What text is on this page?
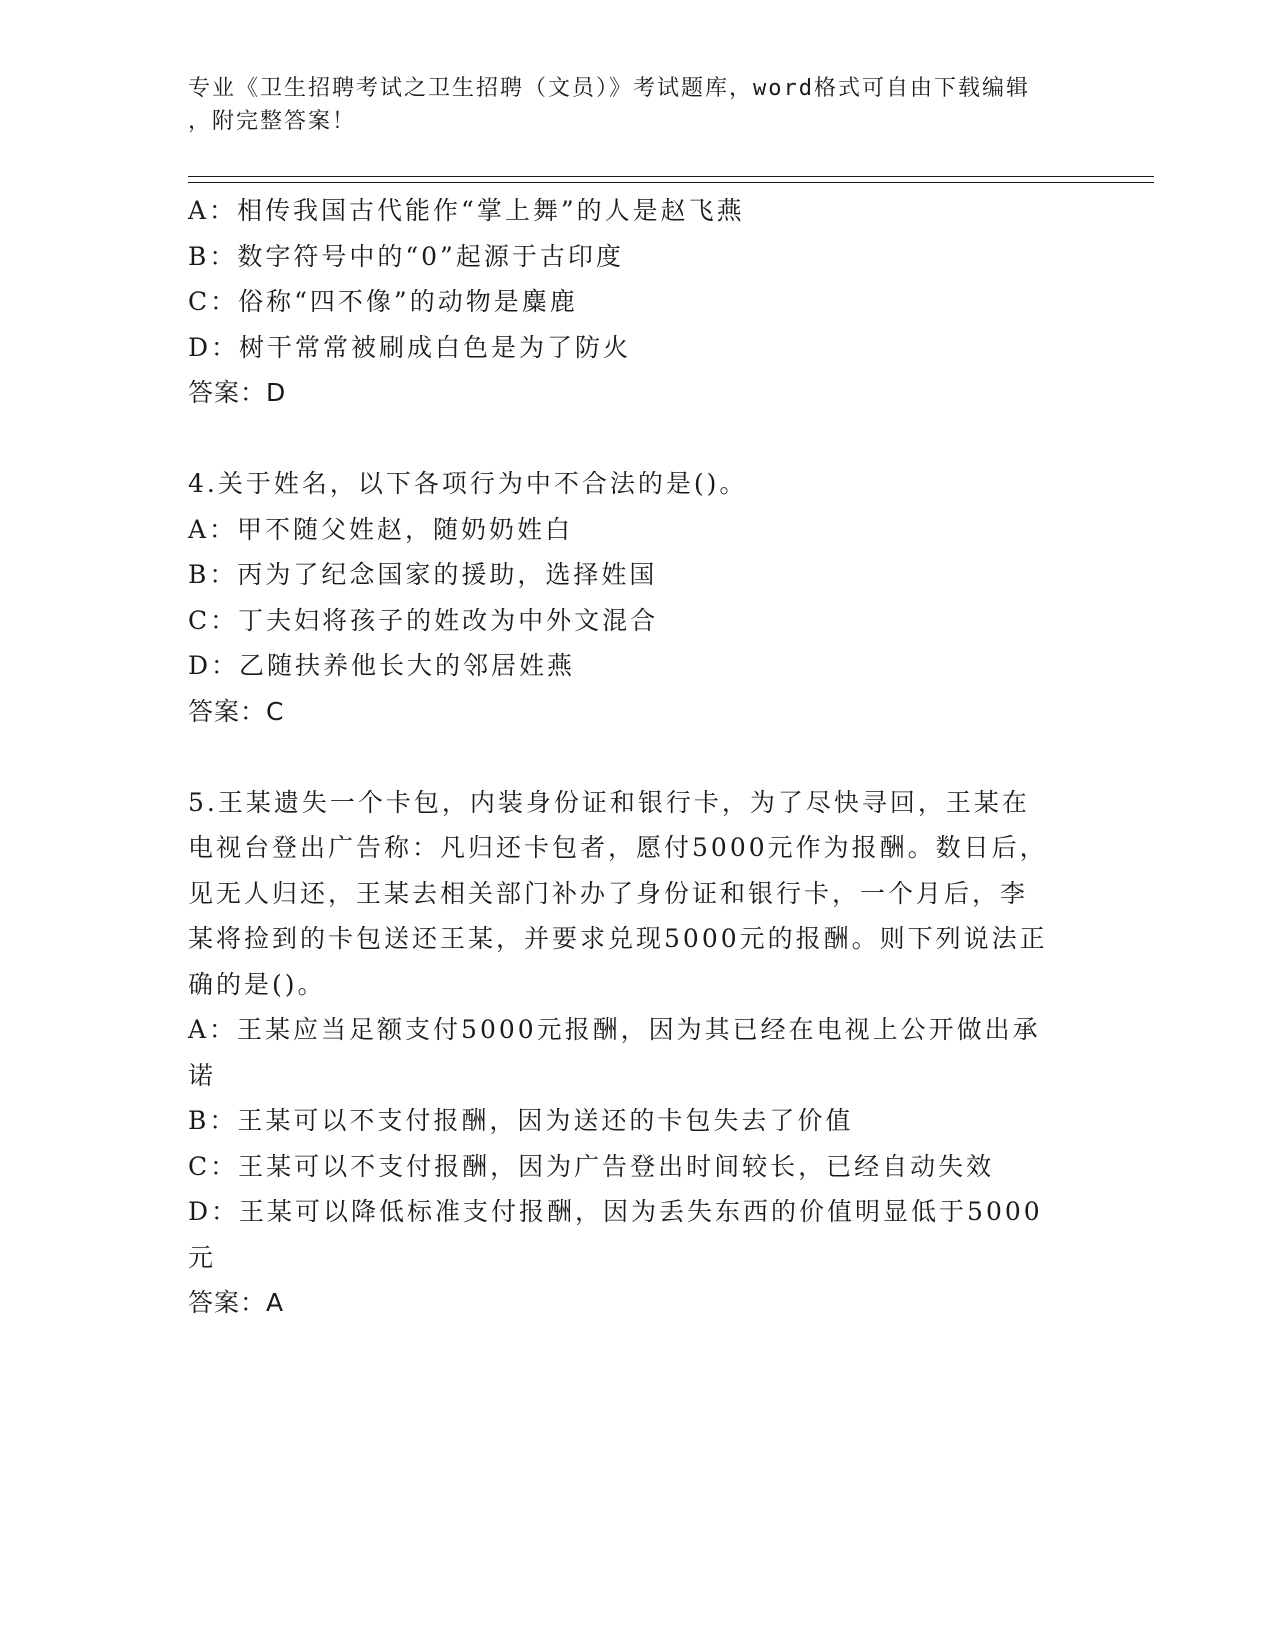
专业《卫生招聘考试之卫生招聘（文员）》考试题库，word格式可自由下载编辑
，附完整答案！

A：相传我国古代能作“掌上舞”的人是赵飞燕

B：数字符号中的“0”起源于古印度

C：俗称“四不像”的动物是麋鹿

D：树干常常被刷成白色是为了防火

答案：D

4.关于姓名，以下各项行为中不合法的是()。

A：甲不随父姓赵，随奶奶姓白

B：丙为了纪念国家的援助，选择姓国

C：丁夫妇将孩子的姓改为中外文混合

D：乙随扶养他长大的邻居姓燕

答案：C

5.王某遗失一个卡包，内装身份证和银行卡，为了尽快寻回，王某在

电视台登出广告称：凡归还卡包者，愿付5000元作为报酬。数日后，

见无人归还，王某去相关部门补办了身份证和银行卡，一个月后，李

某将捡到的卡包送还王某，并要求兑现5000元的报酬。则下列说法正

确的是()。

A：王某应当足额支付5000元报酬，因为其已经在电视上公开做出承

诺

B：王某可以不支付报酬，因为送还的卡包失去了价值

C：王某可以不支付报酬，因为广告登出时间较长，已经自动失效

D：王某可以降低标准支付报酬，因为丢失东西的价值明显低于5000

元

答案：A
